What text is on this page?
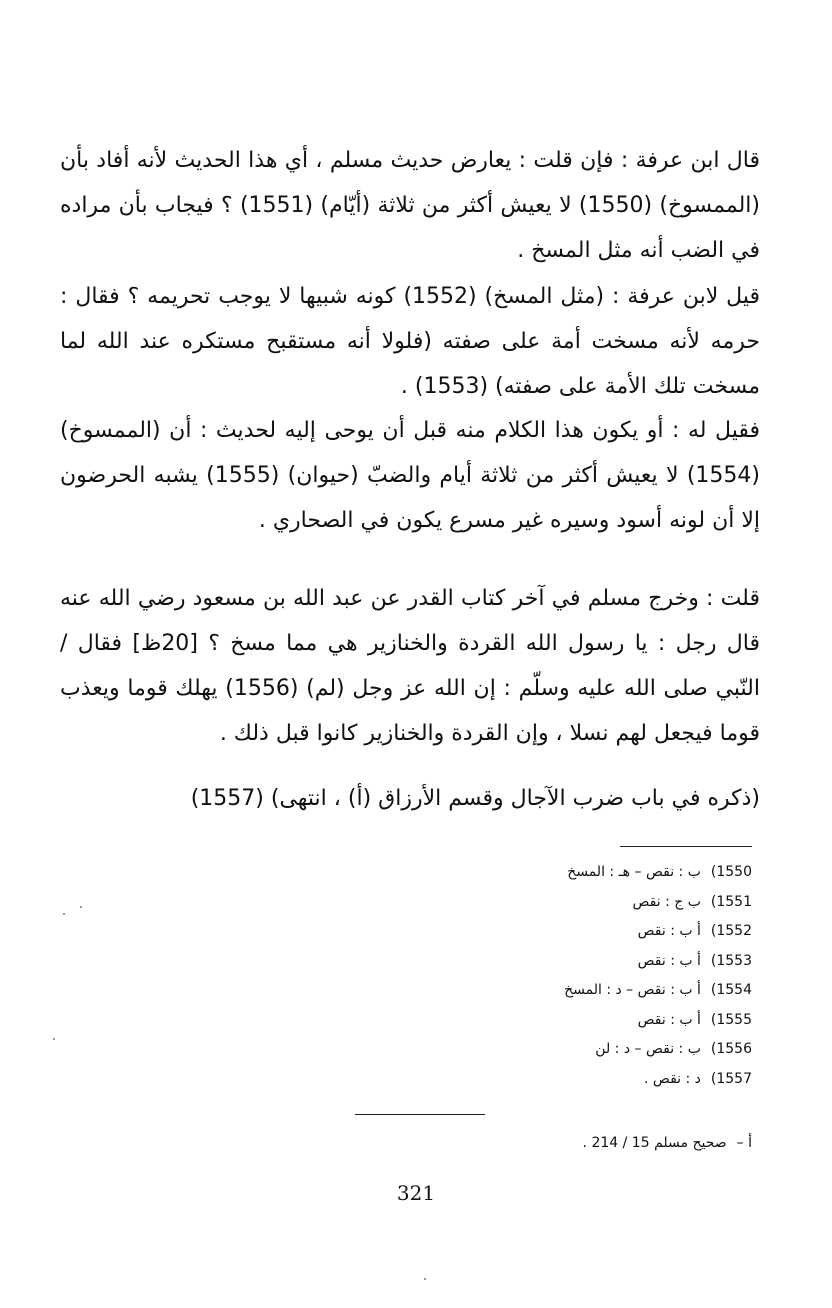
قال ابن عرفة : فإن قلت : يعارض حديث مسلم ، أي هذا الحديث لأنه أفاد بأن (الممسوخ) (1550) لا يعيش أكثر من ثلاثة (أيّام) (1551) ؟ فيجاب بأن مراده في الضب أنه مثل المسخ .

قيل لابن عرفة : (مثل المسخ) (1552) كونه شبيها لا يوجب تحريمه ؟ فقال : حرمه لأنه مسخت أمة على صفته (فلولا أنه مستقبح مستكره عند الله لما مسخت تلك الأمة على صفته) (1553) .

فقيل له : أو يكون هذا الكلام منه قبل أن يوحى إليه لحديث : أن (الممسوخ) (1554) لا يعيش أكثر من ثلاثة أيام والضبّ (حيوان) (1555) يشبه الحرضون إلا أن لونه أسود وسيره غير مسرع يكون في الصحاري .

قلت : وخرج مسلم في آخر كتاب القدر عن عبد الله بن مسعود رضي الله عنه قال رجل : يا رسول الله القردة والخنازير هي مما مسخ ؟ [20ظ] فقال / النّبي صلى الله عليه وسلّم : إن الله عز وجل (لم) (1556) يهلك قوما ويعذب قوما فيجعل لهم نسلا ، وإن القردة والخنازير كانوا قبل ذلك .

(ذكره في باب ضرب الآجال وقسم الأرزاق (أ) ، انتهى) (1557)

(1550ب : نقص – هـ : المسخ
(1551ب ج : نقص
(1552أ ب : نقص
(1553أ ب : نقص
(1554أ ب : نقص – د : المسخ
(1555أ ب : نقص
(1556ب : نقص – د : لن
(1557د : نقص .

أ –صحيح مسلم 15 / 214 .

321
